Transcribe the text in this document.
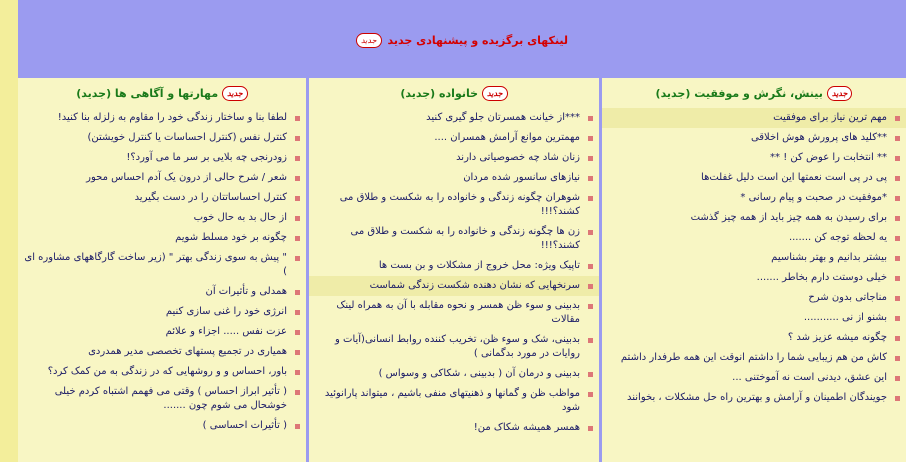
لینکهای برگزیده و پیشنهادی جدید
جدید
جدید
بینش، نگرش و موفقیت (جدید)
مهم ترین نیاز برای موفقیت
**کلید های پرورش هوش اخلاقی
** انتخابت را عوض کن ! **
پی در پی است نعمتها این است دلیل غفلت‌ها
*موفقیت در صحبت و پیام رسانی *
برای رسیدن به همه چیز باید از همه چیز گذشت
یه لحظه توجه کن .......
بیشتر بدانیم و بهتر بشناسیم
خیلی دوستت دارم بخاطر .......
مناجاتی بدون شرح
بشنو از نی ...........
چگونه میشه عزیز شد ؟
کاش من هم زیبایی شما را داشتم انوقت این همه طرفدار داشتم
این عشق، دیدنی است نه آموختنی ...
جویندگان اطمینان و آرامش و بهترین راه حل مشکلات ، بخوانند
جدید
خانواده (جدید)
***از خیانت همسرتان جلو گیری کنید
مهمترین موانع آرامش همسران ....
زنان شاد چه خصوصیاتی دارند
نیازهای سانسور شده مردان
شوهران چگونه زندگی و خانواده را به شکست و طلاق می کشند؟!!!
زن ها چگونه زندگی و خانواده را به شکست و طلاق می کشند؟!!!
تاپیک ویژه: محل خروج از مشکلات و بن بست ها
سرنخهایی که نشان دهنده شکست زندگی شماست
بدبینی و سوء ظن همسر و نحوه مقابله با آن به همراه لینک مقالات
بدبینی، شک و سوء ظن، تخریب کننده روابط انسانی(آیات و روایات در مورد بدگمانی )
بدبینی و درمان آن ( بدبینی ، شکاکی و وسواس )
مواظب ظن و گمانها و ذهنیتهای منفی باشیم ، میتواند پارانوئید شود
همسر همیشه شکاک من!
جدید
مهارتها و آگاهی ها (جدید)
لطفا بنا و ساختار زندگی خود را مقاوم به زلزله بنا کنید!
کنترل نفس (کنترل احساسات یا کنترل خویشتن)
زودرنجی چه بلایی بر سر ما می آورد؟!
شعر / شرح حالی از درون یک آدم احساس محور
کنترل احساساتتان را در دست بگیرید
از حال بد به حال خوب
چگونه بر خود مسلط شویم
" پیش به سوی زندگی بهتر " (زیر ساخت گارگاههای مشاوره ای )
همدلی و تأثیرات آن
انرژی خود را غنی سازی کنیم
عزت نفس ..... اجزاء و علائم
همیاری در تجمیع پستهای تخصصی مدیر همدردی
باور، احساس و و روشهایی که در زندگی به من کمک کرد؟
( تأثیر ابراز احساس ) وقتی می فهمم اشتباه کردم خیلی خوشحال می شوم چون .......
( تأثیرات احساسی )
